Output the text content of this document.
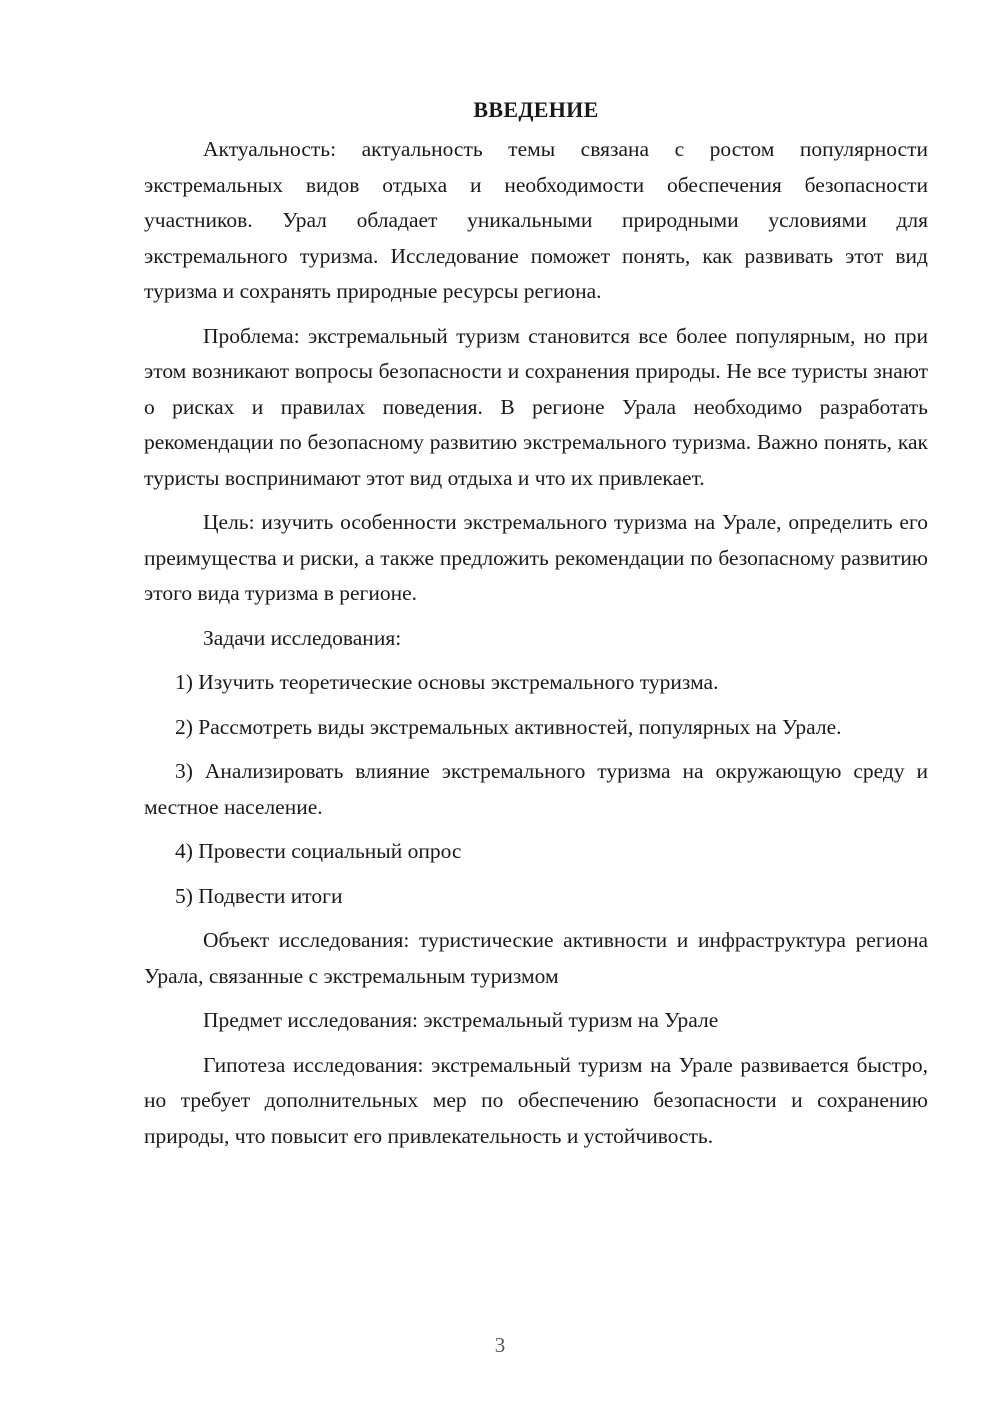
ВВЕДЕНИЕ

Актуальность: актуальность темы связана с ростом популярности экстремальных видов отдыха и необходимости обеспечения безопасности участников. Урал обладает уникальными природными условиями для экстремального туризма. Исследование поможет понять, как развивать этот вид туризма и сохранять природные ресурсы региона.

Проблема: экстремальный туризм становится все более популярным, но при этом возникают вопросы безопасности и сохранения природы. Не все туристы знают о рисках и правилах поведения. В регионе Урала необходимо разработать рекомендации по безопасному развитию экстремального туризма. Важно понять, как туристы воспринимают этот вид отдыха и что их привлекает.

Цель: изучить особенности экстремального туризма на Урале, определить его преимущества и риски, а также предложить рекомендации по безопасному развитию этого вида туризма в регионе.

Задачи исследования:

1) Изучить теоретические основы экстремального туризма.

2) Рассмотреть виды экстремальных активностей, популярных на Урале.

3) Анализировать влияние экстремального туризма на окружающую среду и местное население.

4) Провести социальный опрос

5) Подвести итоги

Объект исследования: туристические активности и инфраструктура региона Урала, связанные с экстремальным туризмом

Предмет исследования: экстремальный туризм на Урале

Гипотеза исследования: экстремальный туризм на Урале развивается быстро, но требует дополнительных мер по обеспечению безопасности и сохранению природы, что повысит его привлекательность и устойчивость.

3
